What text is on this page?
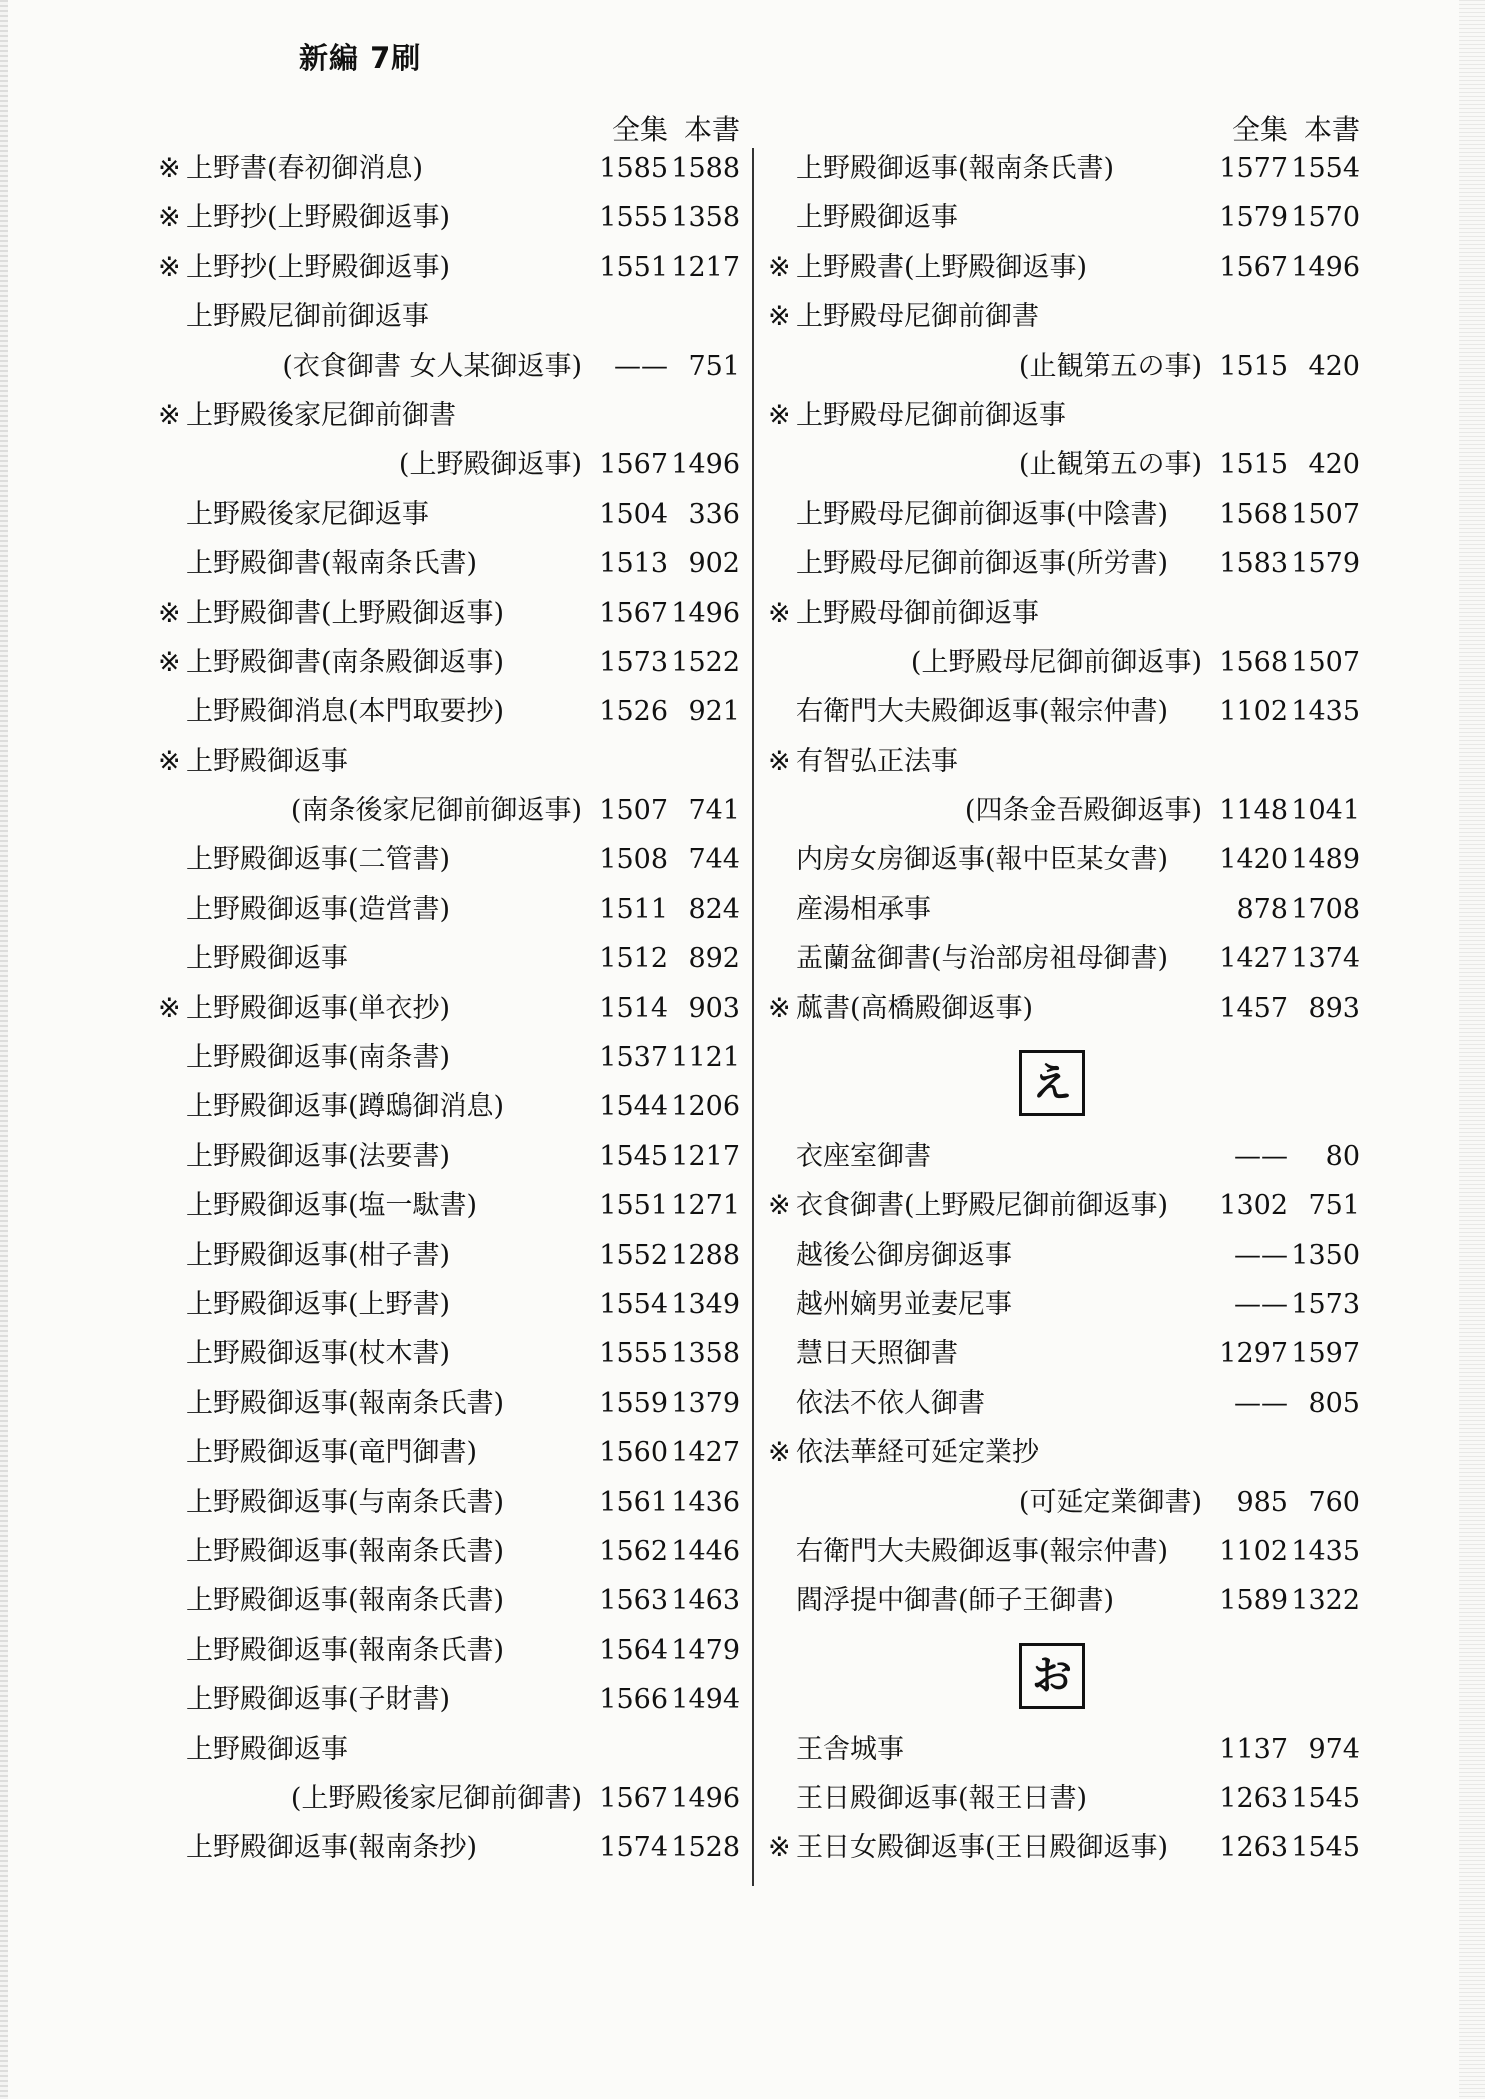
新編 7刷
全集 本書
※ 上野書(春初御消息)	1585 1588
※ 上野抄(上野殿御返事)	1555 1358
※ 上野抄(上野殿御返事)	1551 1217
上野殿尼御前御返事
(衣食御書 女人某御返事) —— 751
※ 上野殿後家尼御前御書
(上野殿御返事) 1567 1496
上野殿後家尼御返事	1504 336
上野殿御書(報南条氏書)	1513 902
※ 上野殿御書(上野殿御返事)	1567 1496
※ 上野殿御書(南条殿御返事)	1573 1522
上野殿御消息(本門取要抄)	1526 921
※ 上野殿御返事
(南条後家尼御前御返事) 1507 741
上野殿御返事(二管書)	1508 744
上野殿御返事(造営書)	1511 824
上野殿御返事	1512 892
※ 上野殿御返事(単衣抄)	1514 903
上野殿御返事(南条書)	1537 1121
上野殿御返事(蹲鴟御消息)	1544 1206
上野殿御返事(法要書)	1545 1217
上野殿御返事(塩一駄書)	1551 1271
上野殿御返事(柑子書)	1552 1288
上野殿御返事(上野書)	1554 1349
上野殿御返事(杖木書)	1555 1358
上野殿御返事(報南条氏書)	1559 1379
上野殿御返事(竜門御書)	1560 1427
上野殿御返事(与南条氏書)	1561 1436
上野殿御返事(報南条氏書)	1562 1446
上野殿御返事(報南条氏書)	1563 1463
上野殿御返事(報南条氏書)	1564 1479
上野殿御返事(子財書)	1566 1494
上野殿御返事
(上野殿後家尼御前御書) 1567 1496
上野殿御返事(報南条抄)	1574 1528
全集 本書
上野殿御返事(報南条氏書)	1577 1554
上野殿御返事	1579 1570
※ 上野殿書(上野殿御返事)	1567 1496
※ 上野殿母尼御前御書
(止観第五の事) 1515 420
※ 上野殿母尼御前御返事
(止観第五の事) 1515 420
上野殿母尼御前御返事(中陰書) 1568 1507
上野殿母尼御前御返事(所労書) 1583 1579
※ 上野殿母御前御返事
(上野殿母尼御前御返事) 1568 1507
右衛門大夫殿御返事(報宗仲書) 1102 1435
※ 有智弘正法事
(四条金吾殿御返事) 1148 1041
内房女房御返事(報中臣某女書) 1420 1489
産湯相承事	878 1708
盂蘭盆御書(与治部房祖母御書) 1427 1374
※ 蓏書(高橋殿御返事)	1457 893
え
衣座室御書	—— 80
※ 衣食御書(上野殿尼御前御返事) 1302 751
越後公御房御返事	—— 1350
越州嫡男並妻尼事	—— 1573
慧日天照御書	1297 1597
依法不依人御書	—— 805
※ 依法華経可延定業抄
(可延定業御書) 985 760
右衛門大夫殿御返事(報宗仲書) 1102 1435
閻浮提中御書(師子王御書)	1589 1322
お
王舎城事	1137 974
王日殿御返事(報王日書)	1263 1545
※ 王日女殿御返事(王日殿御返事) 1263 1545
